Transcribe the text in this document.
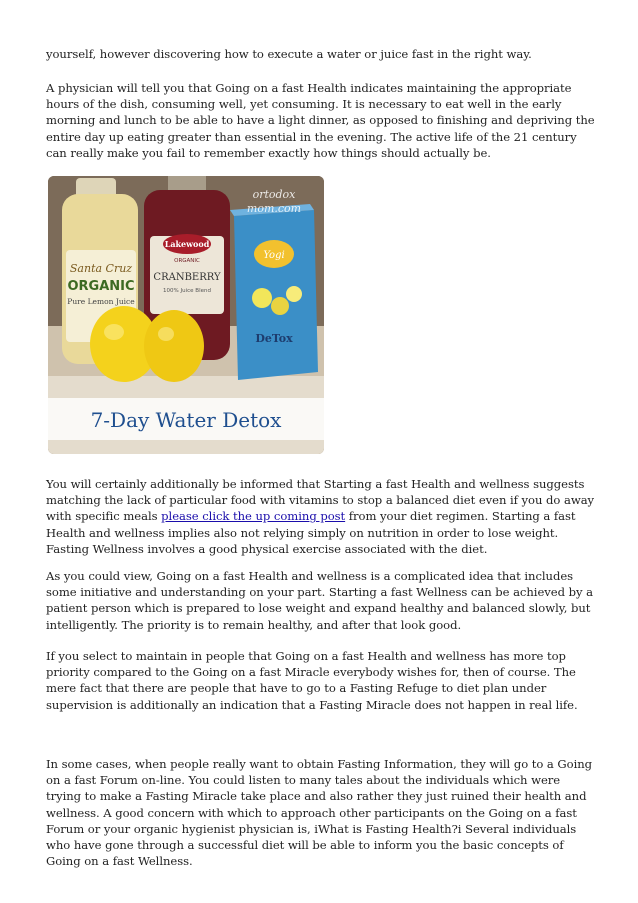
yourself, however discovering how to execute a water or juice fast in the right way.

A physician will tell you that Going on a fast Health indicates maintaining the appropriate hours of the dish, consuming well, yet consuming. It is necessary to eat well in the early morning and lunch to be able to have a light dinner, as opposed to finishing and depriving the entire day up eating greater than essential in the evening. The active life of the 21 century can really make you fail to remember exactly how things should actually be.

Santa Cruz
ORGANIC
Pure Lemon Juice
Lakewood
ORGANIC
CRANBERRY
100% Juice Blend
Yogi
DeTox
ortodox
mom.com
7-Day Water Detox

You will certainly additionally be informed that Starting a fast Health and wellness suggests matching the lack of particular food with vitamins to stop a balanced diet even if you do away with specific meals please click the up coming post from your diet regimen. Starting a fast Health and wellness implies also not relying simply on nutrition in order to lose weight. Fasting Wellness involves a good physical exercise associated with the diet.

As you could view, Going on a fast Health and wellness is a complicated idea that includes some initiative and understanding on your part. Starting a fast Wellness can be achieved by a patient person which is prepared to lose weight and expand healthy and balanced slowly, but intelligently. The priority is to remain healthy, and after that look good.

If you select to maintain in people that Going on a fast Health and wellness has more top priority compared to the Going on a fast Miracle everybody wishes for, then of course. The mere fact that there are people that have to go to a Fasting Refuge to diet plan under supervision is additionally an indication that a Fasting Miracle does not happen in real life.

In some cases, when people really want to obtain Fasting Information, they will go to a Going on a fast Forum on-line. You could listen to many tales about the individuals which were trying to make a Fasting Miracle take place and also rather they just ruined their health and wellness. A good concern with which to approach other participants on the Going on a fast Forum or your organic hygienist physician is, iWhat is Fasting Health?i Several individuals who have gone through a successful diet will be able to inform you the basic concepts of Going on a fast Wellness.
